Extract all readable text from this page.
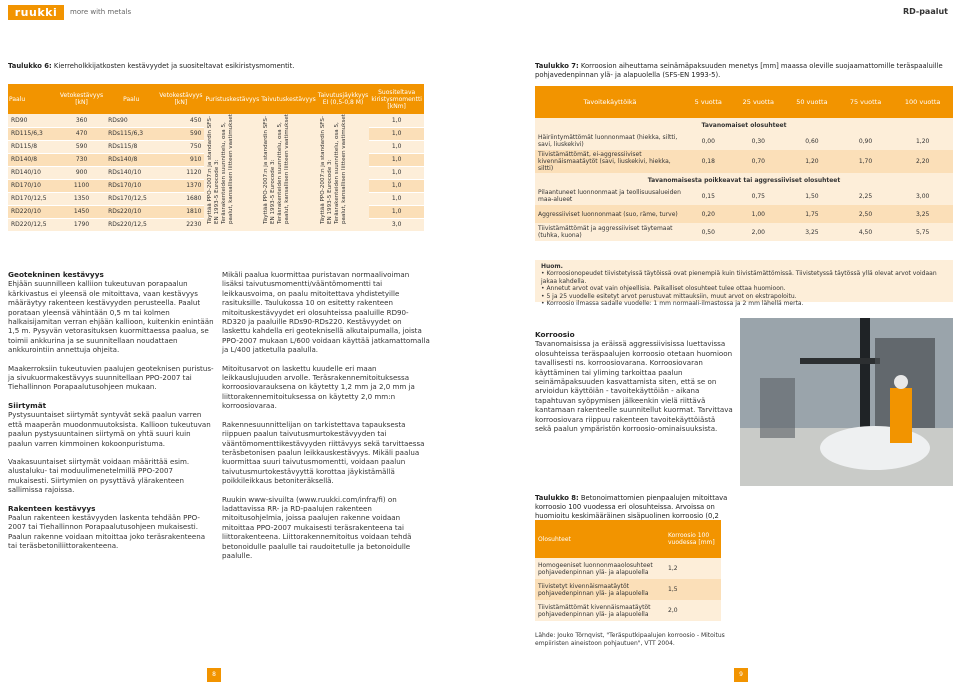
ruukki	more with metals	RD-paalut
Taulukko 6: Kierreholkkijatkosten kestävyydet ja suositeltavat esikiristysmomentit.
Paalu	Vetokestävyys [kN]	Paalu	Vetokestävyys [kN]	Puristuskestävyys	Taivutuskestävyys	Taivutusjäykkyys EI (0,5-0,8 M)	Suositeltava kiristysmomentti [kNm]
RD90	360	RDs90	450	Täyttää PPO-2007:n ja standardin SFS-EN 1993-5 Eurocode 3: Teräsrakenteiden suunnittelu, osa 5, paalut, kansallisen liitteen vaatimukset	Täyttää PPO-2007:n ja standardin SFS-EN 1993-5 Eurocode 3: Teräsrakenteiden suunnittelu, osa 5, paalut, kansallisen liitteen vaatimukset	Täyttää PPO-2007:n ja standardin SFS-EN 1993-5 Eurocode 3: Teräsrakenteiden suunnittelu, osa 5, paalut, kansallisen liitteen vaatimukset	1,0
RD115/6,3	470	RDs115/6,3	590				1,0
RD115/8	590	RDs115/8	750				1,0
RD140/8	730	RDs140/8	910				1,0
RD140/10	900	RDs140/10	1120				1,0
RD170/10	1100	RDs170/10	1370				1,0
RD170/12,5	1350	RDs170/12,5	1680				1,0
RD220/10	1450	RDs220/10	1810				1,0
RD220/12,5	1790	RDs220/12,5	2230				3,0
Taulukko 7: Korroosion aiheuttama seinämäpaksuuden menetys [mm] maassa oleville suojaamattomille teräspaaluille pohjavedenpinnan ylä- ja alapuolella (SFS-EN 1993-5).
Tavoitekäyttöikä	5 vuotta	25 vuotta	50 vuotta	75 vuotta	100 vuotta
Tavanomaiset olosuhteet					
Häiriintymättömät luonnonmaat (hiekka, siltti, savi, liuskekivi)	0,00	0,30	0,60	0,90	1,20
Tiivistämättömät, ei-aggressiiviset kivennäismaatäytöt (savi, liuskekivi, hiekka, siltti)	0,18	0,70	1,20	1,70	2,20
Tavanomaisesta poikkeavat tai aggressiiviset olosuhteet					
Pilaantuneet luonnonmaat ja teollisuusalueiden maa-alueet	0,15	0,75	1,50	2,25	3,00
Aggressiiviset luonnonmaat (suo, räme, turve)	0,20	1,00	1,75	2,50	3,25
Tiivistämättömät ja aggressiiviset täytemaat (tuhka, kuona)	0,50	2,00	3,25	4,50	5,75
Huom.
• Korroosionopeudet tiivistetyissä täytöissä ovat pienempiä kuin tiivistämättömissä. Tiivistetyssä täytössä yllä olevat arvot voidaan jakaa kahdella.
• Annetut arvot ovat vain ohjeellisia. Paikalliset olosuhteet tulee ottaa huomioon.
• 5 ja 25 vuodelle esitetyt arvot perustuvat mittauksiin, muut arvot on ekstrapoloitu.
• Korroosio ilmassa sadalle vuodelle: 1 mm normaali-ilmastossa ja 2 mm lähellä merta.
Geotekninen kestävyys

Ehjään suunnilleen kalliion tukeutuvan porapaalun kärkivastus ei yleensä ole mitoittava, vaan kestävyys määräytyy rakenteen kestävyyden perusteella. Paalut porataan yleensä vähintään 0,5 m tai kolmen halkaisijamitan verran ehjään kallioon, kuitenkin enintään 1,5 m. Pysyvän vetorasituksen kuormittaessa paalua, se toimii ankkurina ja se suunnitellaan noudattaen ankkurointiin annettuja ohjeita.

Maakerroksiin tukeutuvien paalujen geoteknisen puristus- ja sivukuormakestävyys suunnitellaan PPO-2007 tai Tiehallinnon Porapaalutusohjeen mukaan.

Siirtymät

Pystysuuntaiset siirtymät syntyvät sekä paalun varren että maaperän muodonmuutoksista. Kallioon tukeutuvan paalun pystysuuntainen siirtymä on yhtä suuri kuin paalun varren kimmoinen kokoonpuristuma.

Vaakasuuntaiset siirtymät voidaan määrittää esim. alustaluku- tai moduulimenetelmillä PPO-2007 mukaisesti. Siirtymien on pysyttävä ylärakenteen sallimissa rajoissa.

Rakenteen kestävyys

Paalun rakenteen kestävyyden laskenta tehdään PPO-2007 tai Tiehallinnon Porapaalutusohjeen mukaisesti. Paalun rakenne voidaan mitoittaa joko teräsrakenteena tai teräsbetoniliittorakenteena.

Mikäli paalua kuormittaa puristavan normaalivoiman lisäksi taivutusmomentti/vääntömomentti tai leikkausvoima, on paalu mitoitettava yhdistetyille rasituksille. Taulukossa 10 on esitetty rakenteen mitoituskestävyydet eri olosuhteissa paaluille RD90-RD320 ja paaluille RDs90-RDs220. Kestävyydet on laskettu kahdella eri geoteknisellä alkutaipumalla, joista PPO-2007 mukaan L/600 voidaan käyttää jatkamattomalla ja L/400 jatketulla paalulla.

Mitoitusarvot on laskettu kuudelle eri maan leikkauslujuuden arvolle. Teräsrakennemitoituksessa korroosiovarauksena on käytetty 1,2 mm ja 2,0 mm ja liittorakennemitoituksessa on käytetty 2,0 mm:n korroosiovaraa.

Rakennesuunnittelijan on tarkistettava tapauksesta riippuen paalun taivutusmurtokestävyyden tai vääntömomenttikestävyyden riittävyys sekä tarvittaessa teräsbetonisen paalun leikkauskestävyys. Mikäli paalua kuormittaa suuri taivutusmomentti, voidaan paalun taivutusmurtokestävyyttä korottaa jäykistämällä poikkileikkaus betoniteräksellä.

Ruukin www-sivuilta (www.ruukki.com/infra/fi) on ladattavissa RR- ja RD-paalujen rakenteen mitoitusohjelmia, joissa paalujen rakenne voidaan mitoittaa PPO-2007 mukaisesti teräsrakenteena tai liittorakenteena. Liittorakennemitoitus voidaan tehdä betonoidulle paalulle tai raudoitetulle ja betonoidulle paalulle.

Korroosio

Tavanomaisissa ja eräissä aggressiivisissa luettavissa olosuhteissa teräspaalujen korroosio otetaan huomioon tavallisesti ns. korroosiovarana. Korroosiovaran käyttäminen tai yliming tarkoittaa paalun seinämäpaksuuden kasvattamista siten, että se on arvioidun käyttöiän - tavoitekäyttöiän - aikana tapahtuvan syöpymisen jälkeenkin vielä riittävä kantamaan rakenteelle suunnitellut kuormat. Tarvittava korroosiovara riippuu rakenteen tavoitekäyttöiästä sekä paalun ympäristön korroosio-ominaisuuksista.

Taulukko 8: Betonoimattomien pienpaalujen mitoittava korroosio 100 vuodessa eri olosuhteissa. Arvoissa on huomioitu keskimääräinen sisäpuolinen korroosio (0,2
Olosuhteet	Korroosio 100 vuodessa [mm]
Homogeeniset luonnonmaaolosuhteet pohjavedenpinnan ylä- ja alapuolella	1,2
Tiivistetyt kivennäismaatäytöt pohjavedenpinnan ylä- ja alapuolella	1,5
Tiivistämättömät kivennäismaatäytöt pohjavedenpinnan ylä- ja alapuolella	2,0
Lähde: Jouko Törnqvist, "Teräsputkipaalujen korroosio - Mitoitus empiiristen aineistoon pohjautuen", VTT 2004.
8	9
